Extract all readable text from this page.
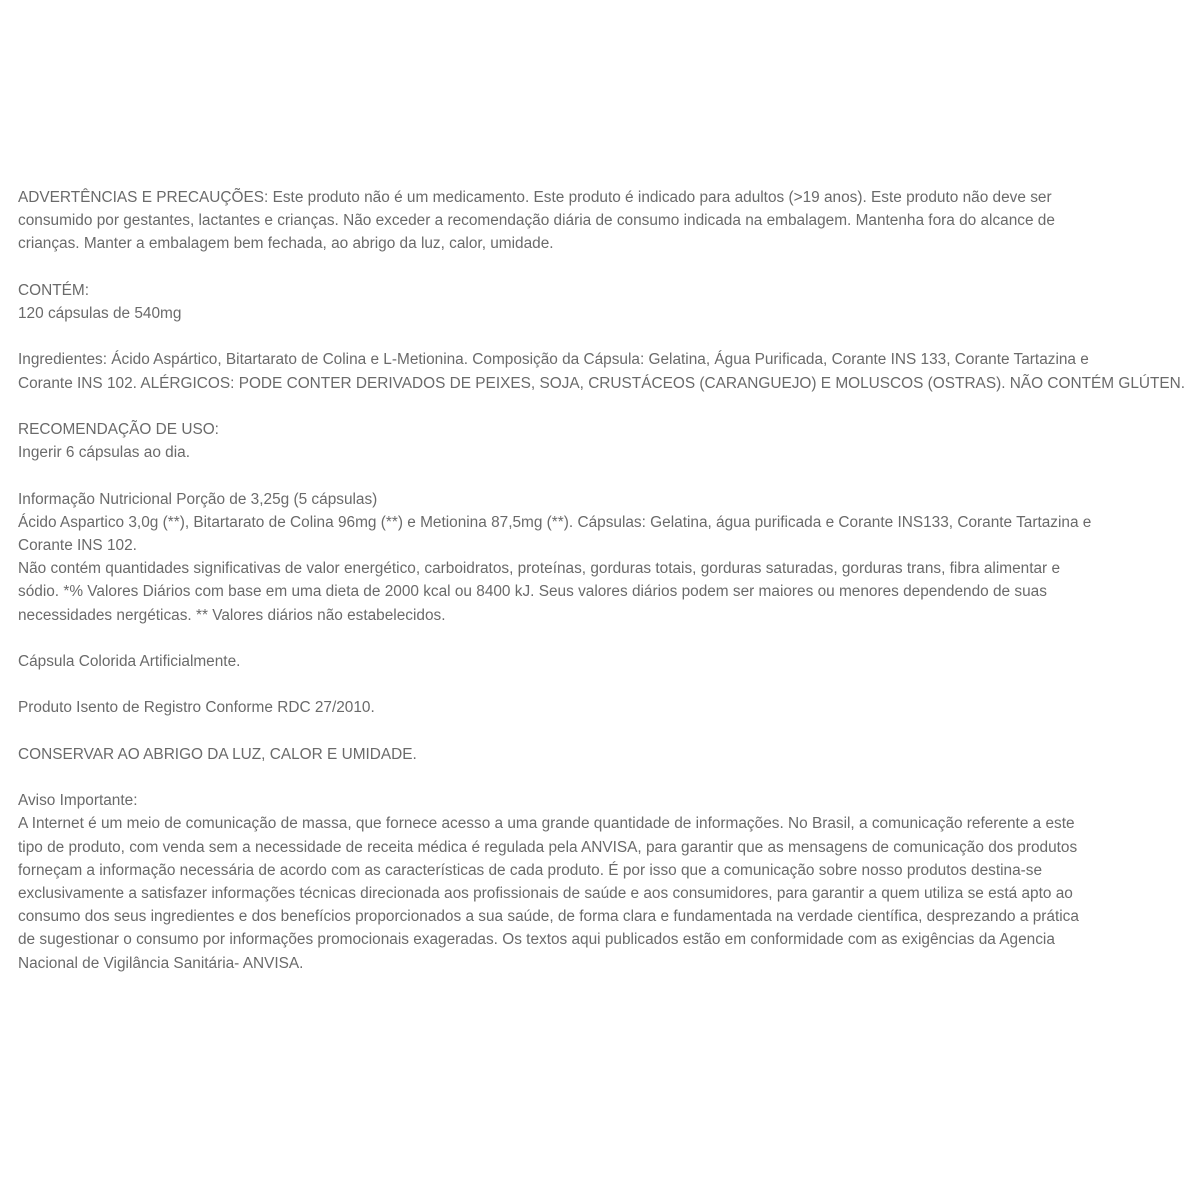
ADVERTÊNCIAS E PRECAUÇÕES: Este produto não é um medicamento. Este produto é indicado para adultos (>19 anos). Este produto não deve ser
consumido por gestantes, lactantes e crianças. Não exceder a recomendação diária de consumo indicada na embalagem. Mantenha fora do alcance de
crianças. Manter a embalagem bem fechada, ao abrigo da luz, calor, umidade.
CONTÉM:
120 cápsulas de 540mg
Ingredientes: Ácido Aspártico, Bitartarato de Colina e L-Metionina. Composição da Cápsula: Gelatina, Água Purificada, Corante INS 133, Corante Tartazina e
Corante INS 102. ALÉRGICOS: PODE CONTER DERIVADOS DE PEIXES, SOJA, CRUSTÁCEOS (CARANGUEJO) E MOLUSCOS (OSTRAS). NÃO CONTÉM GLÚTEN.
RECOMENDAÇÃO DE USO:
Ingerir 6 cápsulas ao dia.
Informação Nutricional Porção de 3,25g (5 cápsulas)
Ácido Aspartico 3,0g (**), Bitartarato de Colina 96mg (**) e Metionina 87,5mg (**). Cápsulas: Gelatina, água purificada e Corante INS133, Corante Tartazina e
Corante INS 102.
Não contém quantidades significativas de valor energético, carboidratos, proteínas, gorduras totais, gorduras saturadas, gorduras trans, fibra alimentar e
sódio. *% Valores Diários com base em uma dieta de 2000 kcal ou 8400 kJ. Seus valores diários podem ser maiores ou menores dependendo de suas
necessidades nergéticas. ** Valores diários não estabelecidos.
Cápsula Colorida Artificialmente.
Produto Isento de Registro Conforme RDC 27/2010.
CONSERVAR AO ABRIGO DA LUZ, CALOR E UMIDADE.
Aviso Importante:
A Internet é um meio de comunicação de massa, que fornece acesso a uma grande quantidade de informações. No Brasil, a comunicação referente a este
tipo de produto, com venda sem a necessidade de receita médica é regulada pela ANVISA, para garantir que as mensagens de comunicação dos produtos
forneçam a informação necessária de acordo com as características de cada produto. É por isso que a comunicação sobre nosso produtos destina-se
exclusivamente a satisfazer informações técnicas direcionada aos profissionais de saúde e aos consumidores, para garantir a quem utiliza se está apto ao
consumo dos seus ingredientes e dos benefícios proporcionados a sua saúde, de forma clara e fundamentada na verdade científica, desprezando a prática
de sugestionar o consumo por informações promocionais exageradas. Os textos aqui publicados estão em conformidade com as exigências da Agencia
Nacional de Vigilância Sanitária- ANVISA.
